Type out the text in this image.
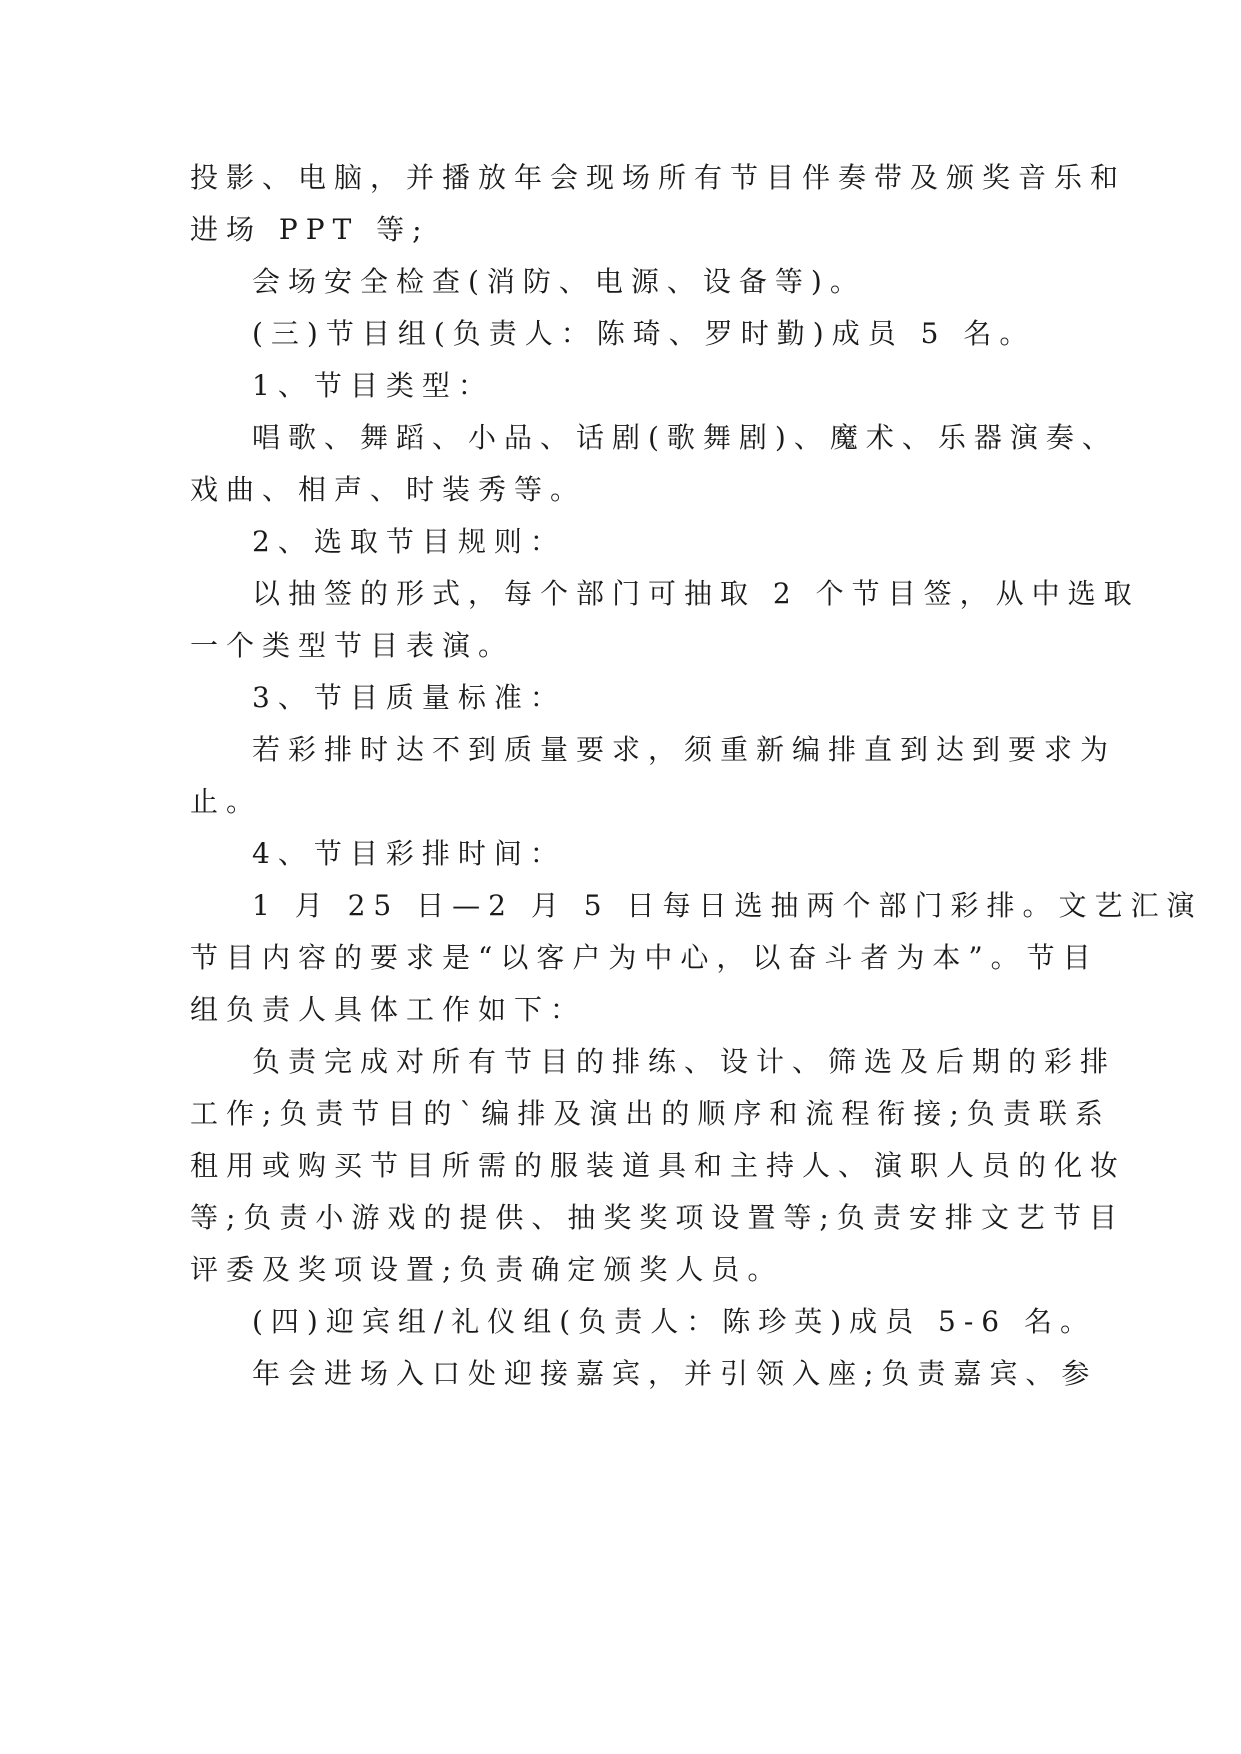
投影、电脑，并播放年会现场所有节目伴奏带及颁奖音乐和
进场 PPT 等;
会场安全检查(消防、电源、设备等)。
(三)节目组(负责人：陈琦、罗时勤)成员 5 名。
1、节目类型：
唱歌、舞蹈、小品、话剧(歌舞剧)、魔术、乐器演奏、
戏曲、相声、时装秀等。
2、选取节目规则：
以抽签的形式，每个部门可抽取 2 个节目签，从中选取
一个类型节目表演。
3、节目质量标准：
若彩排时达不到质量要求，须重新编排直到达到要求为
止。
4、节目彩排时间：
1 月 25 日—2 月 5 日每日选抽两个部门彩排。文艺汇演
节目内容的要求是“以客户为中心，以奋斗者为本”。节目
组负责人具体工作如下：
负责完成对所有节目的排练、设计、筛选及后期的彩排
工作;负责节目的`编排及演出的顺序和流程衔接;负责联系
租用或购买节目所需的服装道具和主持人、演职人员的化妆
等;负责小游戏的提供、抽奖奖项设置等;负责安排文艺节目
评委及奖项设置;负责确定颁奖人员。
(四)迎宾组/礼仪组(负责人：陈珍英)成员 5-6 名。
年会进场入口处迎接嘉宾，并引领入座;负责嘉宾、参
